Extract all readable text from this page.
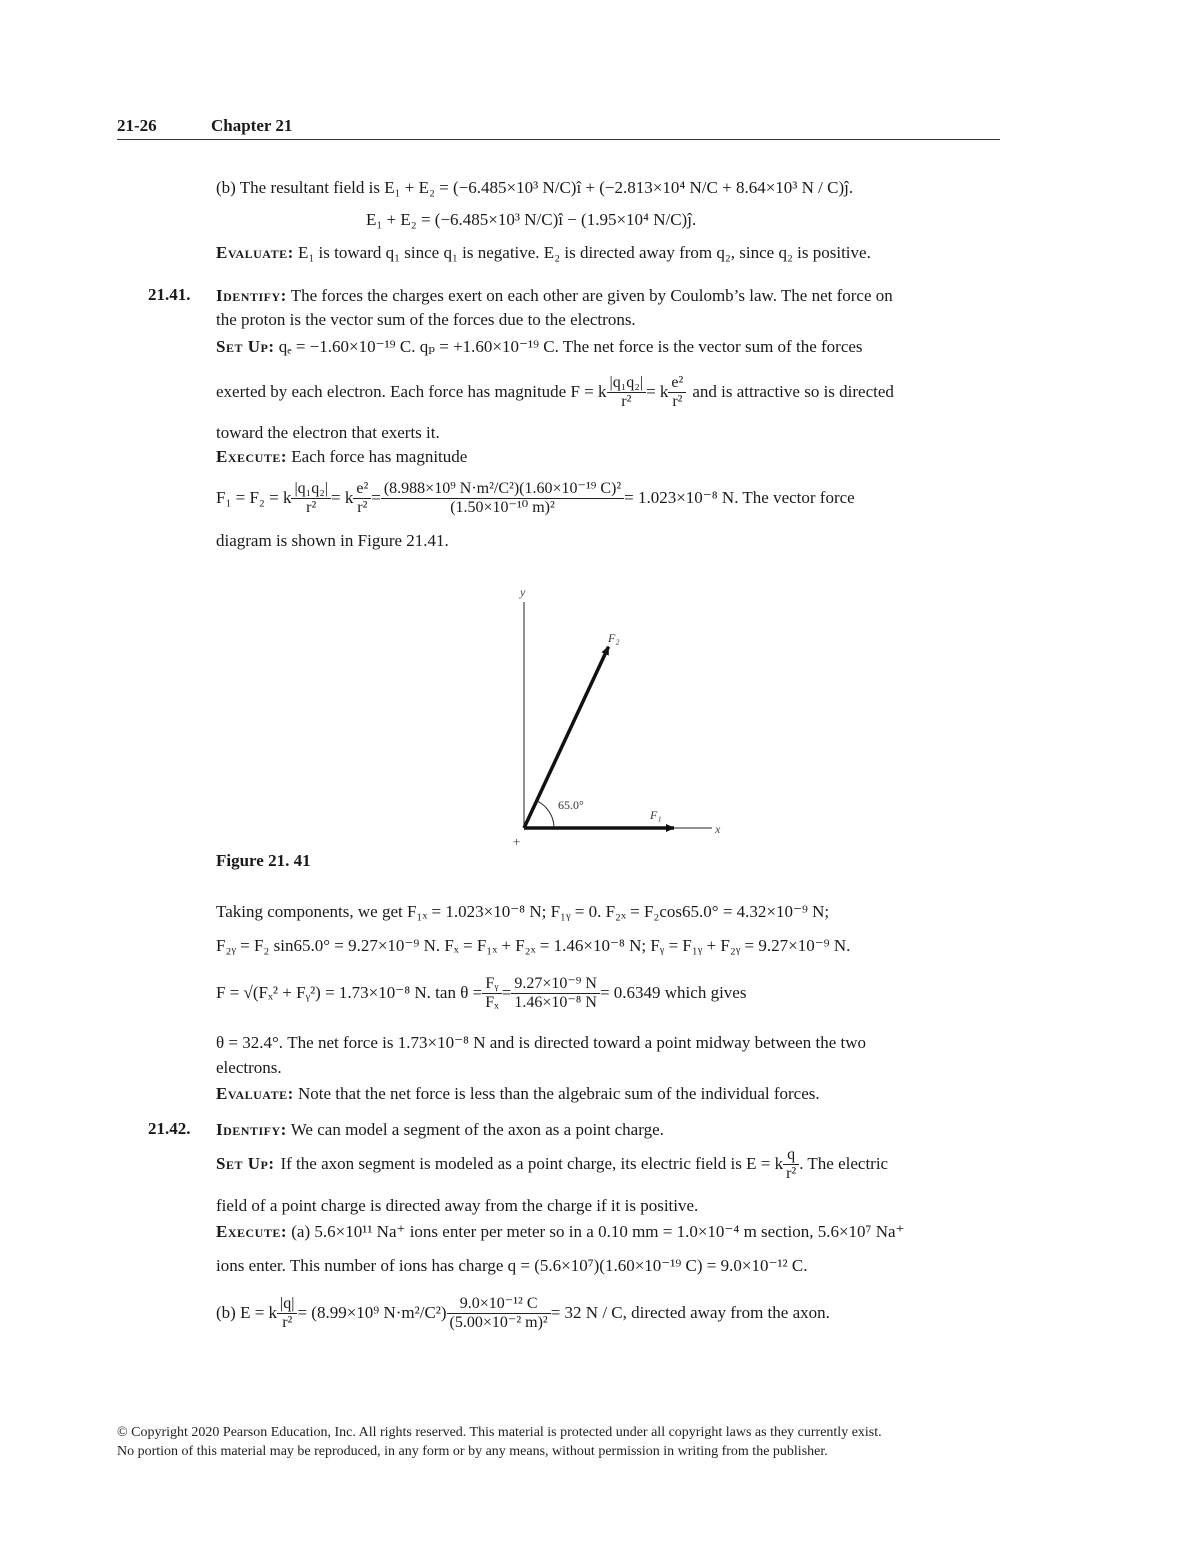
21-26	Chapter 21
(b) The resultant field is E₁ + E₂ = (−6.485×10³ N/C)î + (−2.813×10⁴ N/C + 8.64×10³ N / C)ĵ.
E₁ + E₂ = (−6.485×10³ N/C)î − (1.95×10⁴ N/C)ĵ.
Evaluate: E₁ is toward q₁ since q₁ is negative. E₂ is directed away from q₂, since q₂ is positive.
21.41. Identify: The forces the charges exert on each other are given by Coulomb’s law. The net force on
the proton is the vector sum of the forces due to the electrons.
Set Up: qₑ = −1.60×10⁻¹⁹ C. qₚ = +1.60×10⁻¹⁹ C. The net force is the vector sum of the forces
exerted by each electron. Each force has magnitude F = k $\frac{\text{|q₁q₂|}}{\text{r²}} = k \frac{\text{e²}}{\text{r²}}$ and is attractive so is directed
toward the electron that exerts it.
Execute: Each force has magnitude
F₁ = F₂ = k $\frac{\text{|q₁q₂|}}{\text{r²}} = k \frac{\text{e²}}{\text{r²}} = \frac{\text{(8.988×10⁹ N·m²/C²)(1.60×10⁻¹⁹ C)²}}{\text{(1.50×10⁻¹⁰ m)²}} = 1.023\times 10^{-8}$ N. The vector force
diagram is shown in Figure 21.41.
y
x
F₂
F₁
65.0°
+
Figure 21. 41
Taking components, we get F₁ₓ = 1.023×10⁻⁸ N; F₁ᵧ = 0. F₂ₓ = F₂cos65.0° = 4.32×10⁻⁹ N;
F₂ᵧ = F₂ sin65.0° = 9.27×10⁻⁹ N. Fₓ = F₁ₓ + F₂ₓ = 1.46×10⁻⁸ N; Fᵧ = F₁ᵧ + F₂ᵧ = 9.27×10⁻⁹ N.
F = √(Fₓ² + Fᵧ²) = 1.73×10⁻⁸ N. $\tan \theta = \frac{\text{Fᵧ}}{\text{Fₓ}} = \frac{\text{9.27×10⁻⁹ N}}{\text{1.46×10⁻⁸ N}} = 0.6349$ which gives
θ = 32.4°. The net force is 1.73×10⁻⁸ N and is directed toward a point midway between the two
electrons.
Evaluate: Note that the net force is less than the algebraic sum of the individual forces.
21.42. Identify: We can model a segment of the axon as a point charge.
Set Up: If the axon segment is modeled as a point charge, its electric field is E = k $\frac{q}{\text{r²}}$ . The electric
field of a point charge is directed away from the charge if it is positive.
Execute: (a) 5.6×10¹¹ Na⁺ ions enter per meter so in a 0.10 mm = 1.0×10⁻⁴ m section, 5.6×10⁷ Na⁺
ions enter. This number of ions has charge q = (5.6×10⁷)(1.60×10⁻¹⁹ C) = 9.0×10⁻¹² C.
(b) E = k $\frac{|q|}{\text{r²}} = (8.99\times 10^9$ $N\cdot m^2/C^2) \frac{\text{9.0×10⁻¹² C}}{\text{(5.00×10⁻² m)²}} = 32$ N / C, directed away from the axon.
© Copyright 2020 Pearson Education, Inc. All rights reserved. This material is protected under all copyright laws as they currently exist.
No portion of this material may be reproduced, in any form or by any means, without permission in writing from the publisher.
